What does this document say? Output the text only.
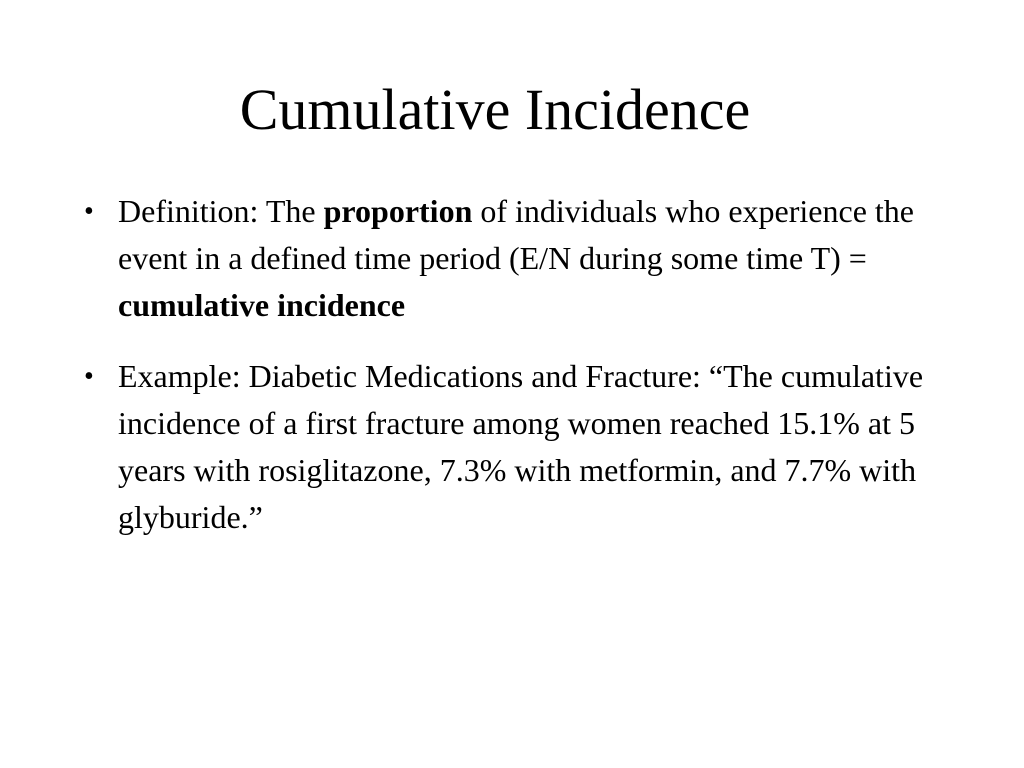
Cumulative Incidence
• Definition: The proportion of individuals who experience the event in a defined time period (E/N during some time T) = cumulative incidence
• Example: Diabetic Medications and Fracture: “The cumulative incidence of a first fracture among women reached 15.1% at 5 years with rosiglitazone, 7.3% with metformin, and 7.7% with glyburide.”
